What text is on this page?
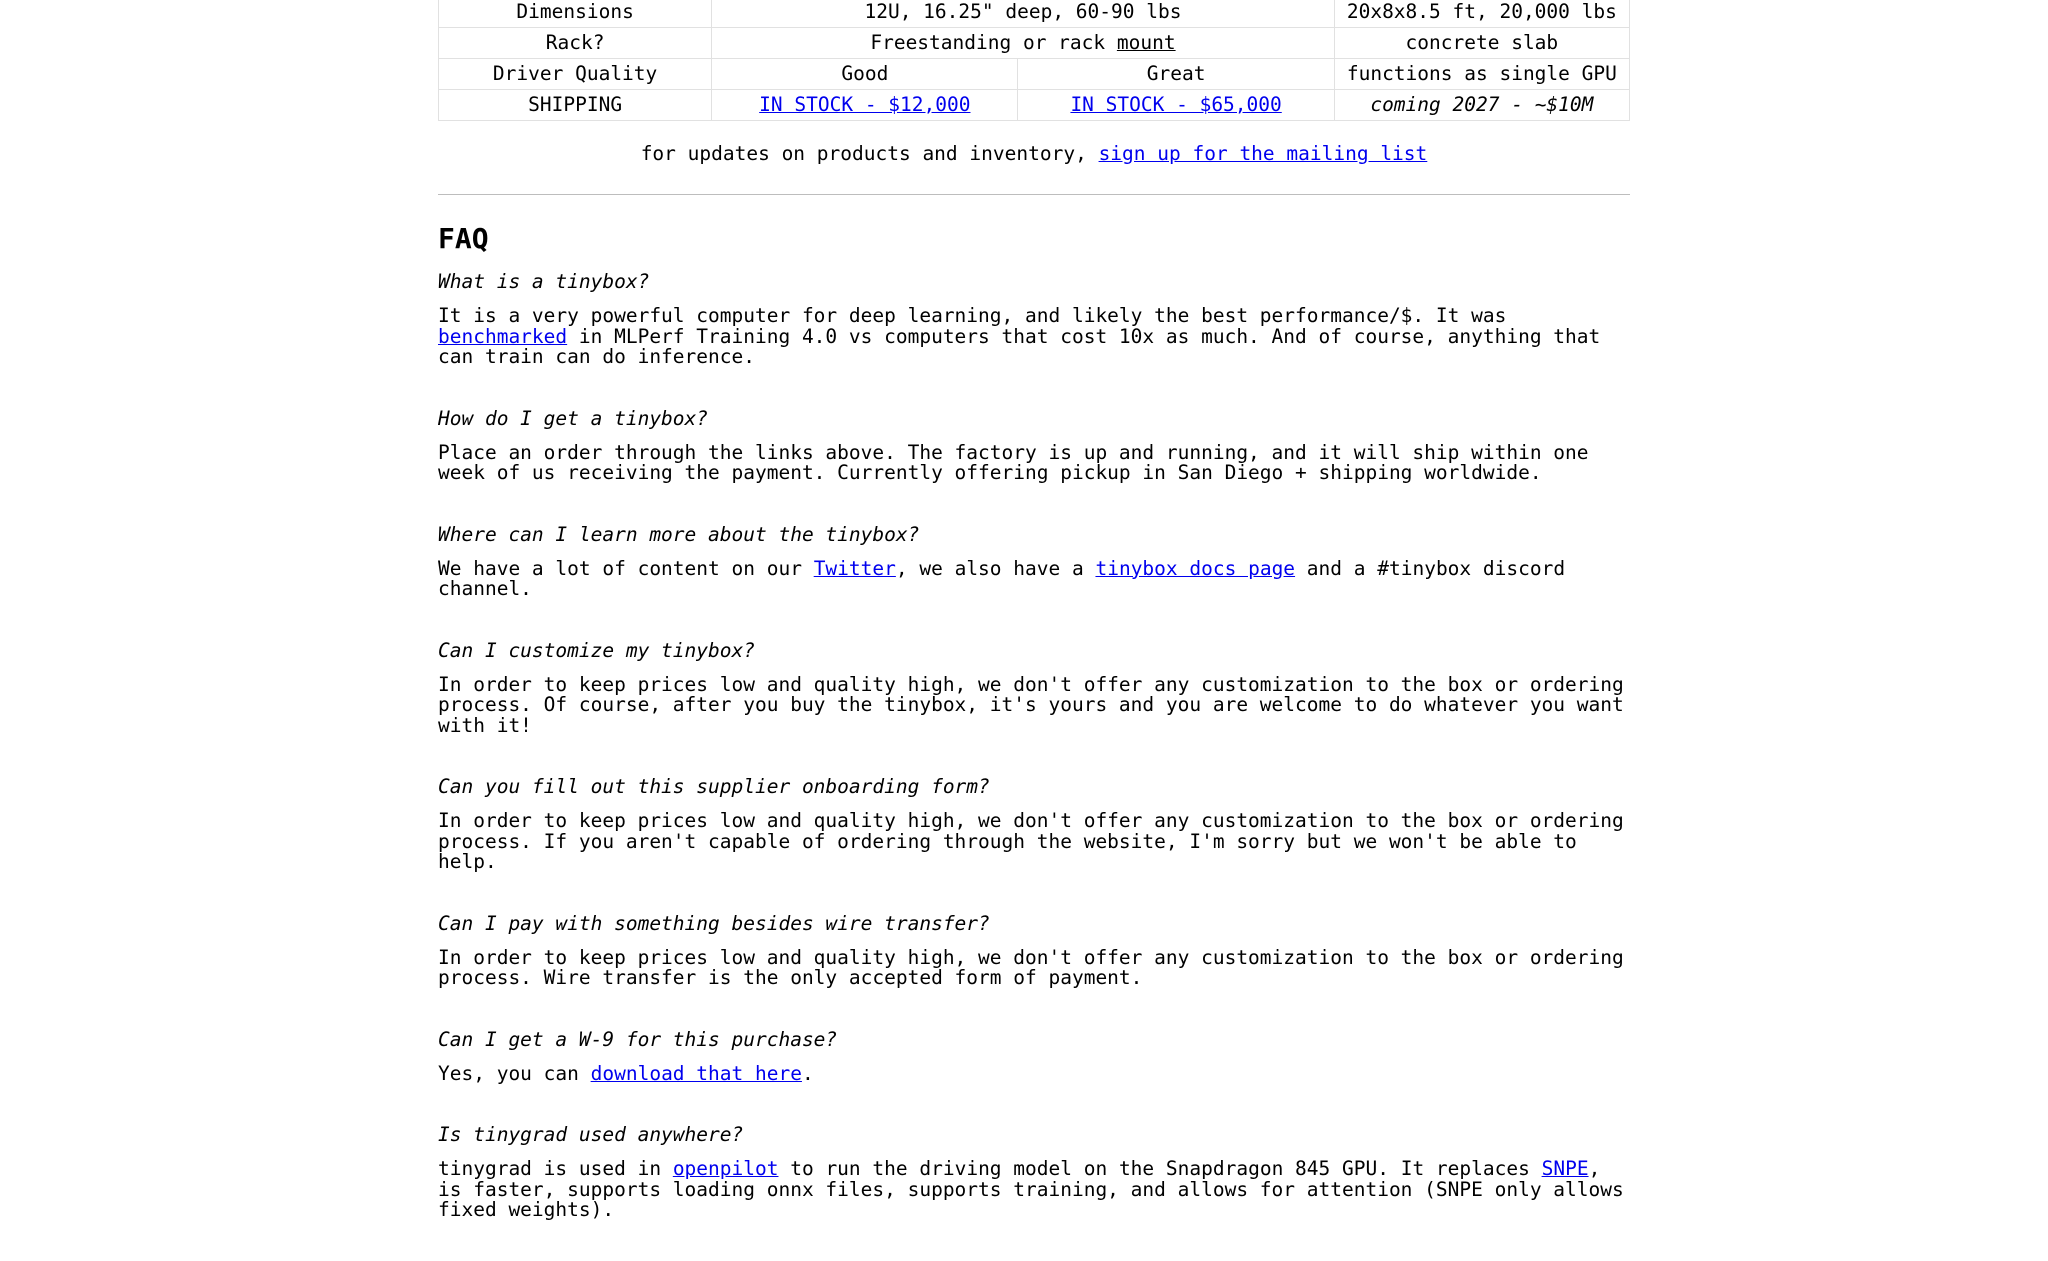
Dimensions	12U, 16.25" deep, 60-90 lbs		20x8x8.5 ft, 20,000 lbs
Rack?	Freestanding or rack mount		concrete slab
Driver Quality	Good	Great	functions as single GPU
SHIPPING	IN STOCK - $12,000	IN STOCK - $65,000	coming 2027 - ~$10M
for updates on products and inventory, sign up for the mailing list
FAQ

What is a tinybox?

It is a very powerful computer for deep learning, and likely the best performance/$. It was benchmarked in MLPerf Training 4.0 vs computers that cost 10x as much. And of course, anything that can train can do inference.

How do I get a tinybox?

Place an order through the links above. The factory is up and running, and it will ship within one week of us receiving the payment. Currently offering pickup in San Diego + shipping worldwide.

Where can I learn more about the tinybox?

We have a lot of content on our Twitter, we also have a tinybox docs page and a #tinybox discord channel.

Can I customize my tinybox?

In order to keep prices low and quality high, we don't offer any customization to the box or ordering process. Of course, after you buy the tinybox, it's yours and you are welcome to do whatever you want with it!

Can you fill out this supplier onboarding form?

In order to keep prices low and quality high, we don't offer any customization to the box or ordering process. If you aren't capable of ordering through the website, I'm sorry but we won't be able to help.

Can I pay with something besides wire transfer?

In order to keep prices low and quality high, we don't offer any customization to the box or ordering process. Wire transfer is the only accepted form of payment.

Can I get a W-9 for this purchase?

Yes, you can download that here.

Is tinygrad used anywhere?

tinygrad is used in openpilot to run the driving model on the Snapdragon 845 GPU. It replaces SNPE, is faster, supports loading onnx files, supports training, and allows for attention (SNPE only allows fixed weights).
